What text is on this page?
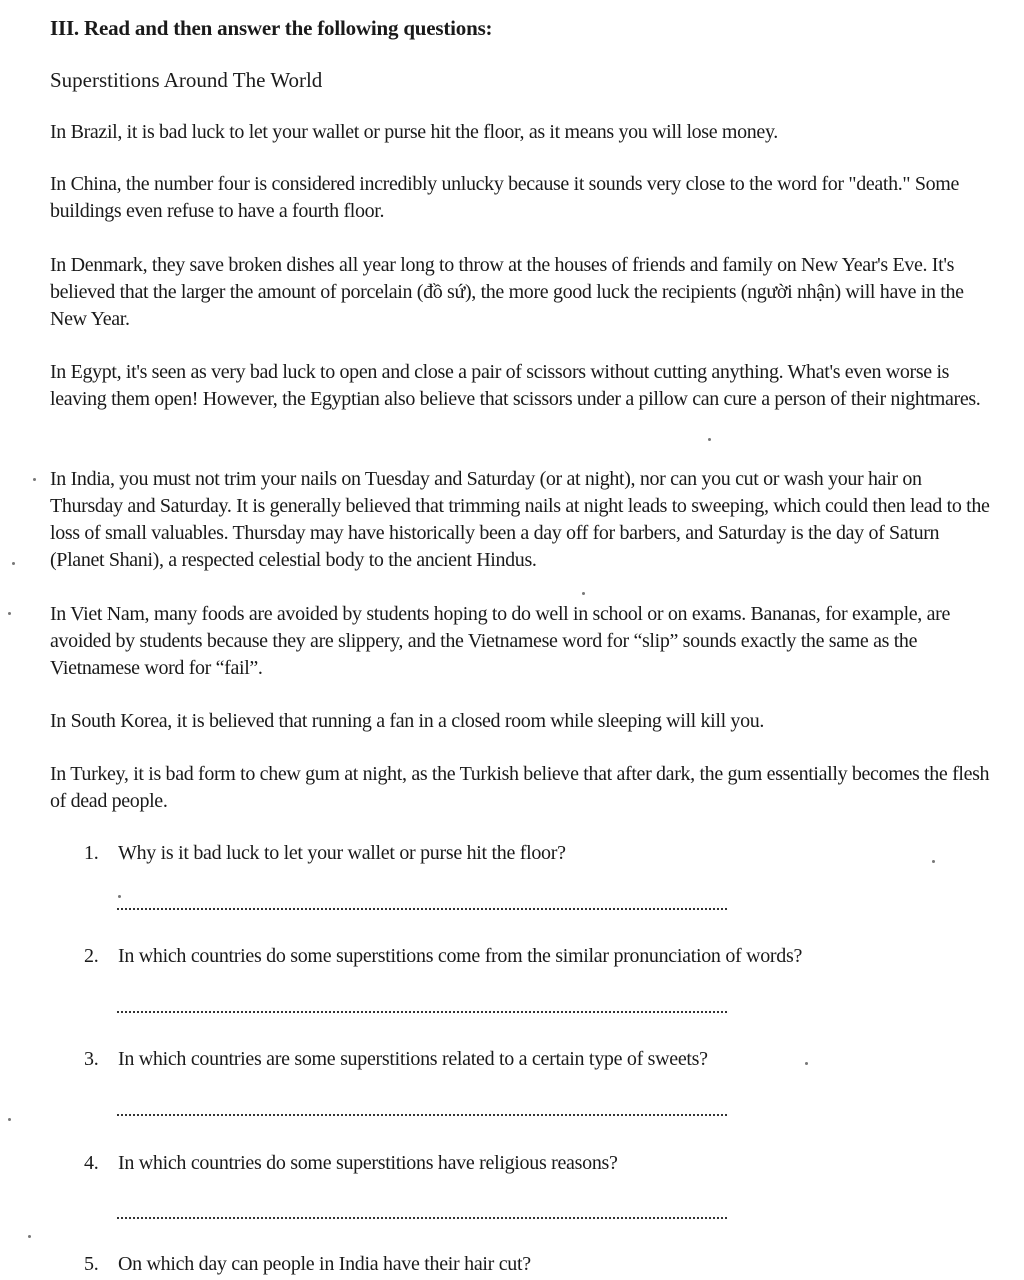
III. Read and then answer the following questions:
Superstitions Around The World
In Brazil, it is bad luck to let your wallet or purse hit the floor, as it means you will lose money.
In China, the number four is considered incredibly unlucky because it sounds very close to the word for "death." Some buildings even refuse to have a fourth floor.
In Denmark, they save broken dishes all year long to throw at the houses of friends and family on New Year's Eve. It's believed that the larger the amount of porcelain (đồ sứ), the more good luck the recipients (người nhận) will have in the New Year.
In Egypt, it's seen as very bad luck to open and close a pair of scissors without cutting anything. What's even worse is leaving them open! However, the Egyptian also believe that scissors under a pillow can cure a person of their nightmares.
In India, you must not trim your nails on Tuesday and Saturday (or at night), nor can you cut or wash your hair on Thursday and Saturday. It is generally believed that trimming nails at night leads to sweeping, which could then lead to the loss of small valuables. Thursday may have historically been a day off for barbers, and Saturday is the day of Saturn (Planet Shani), a respected celestial body to the ancient Hindus.
In Viet Nam, many foods are avoided by students hoping to do well in school or on exams. Bananas, for example, are avoided by students because they are slippery, and the Vietnamese word for “slip” sounds exactly the same as the Vietnamese word for “fail”.
In South Korea, it is believed that running a fan in a closed room while sleeping will kill you.
In Turkey, it is bad form to chew gum at night, as the Turkish believe that after dark, the gum essentially becomes the flesh of dead people.
1. Why is it bad luck to let your wallet or purse hit the floor?
2. In which countries do some superstitions come from the similar pronunciation of words?
3. In which countries are some superstitions related to a certain type of sweets?
4. In which countries do some superstitions have religious reasons?
5. On which day can people in India have their hair cut?
